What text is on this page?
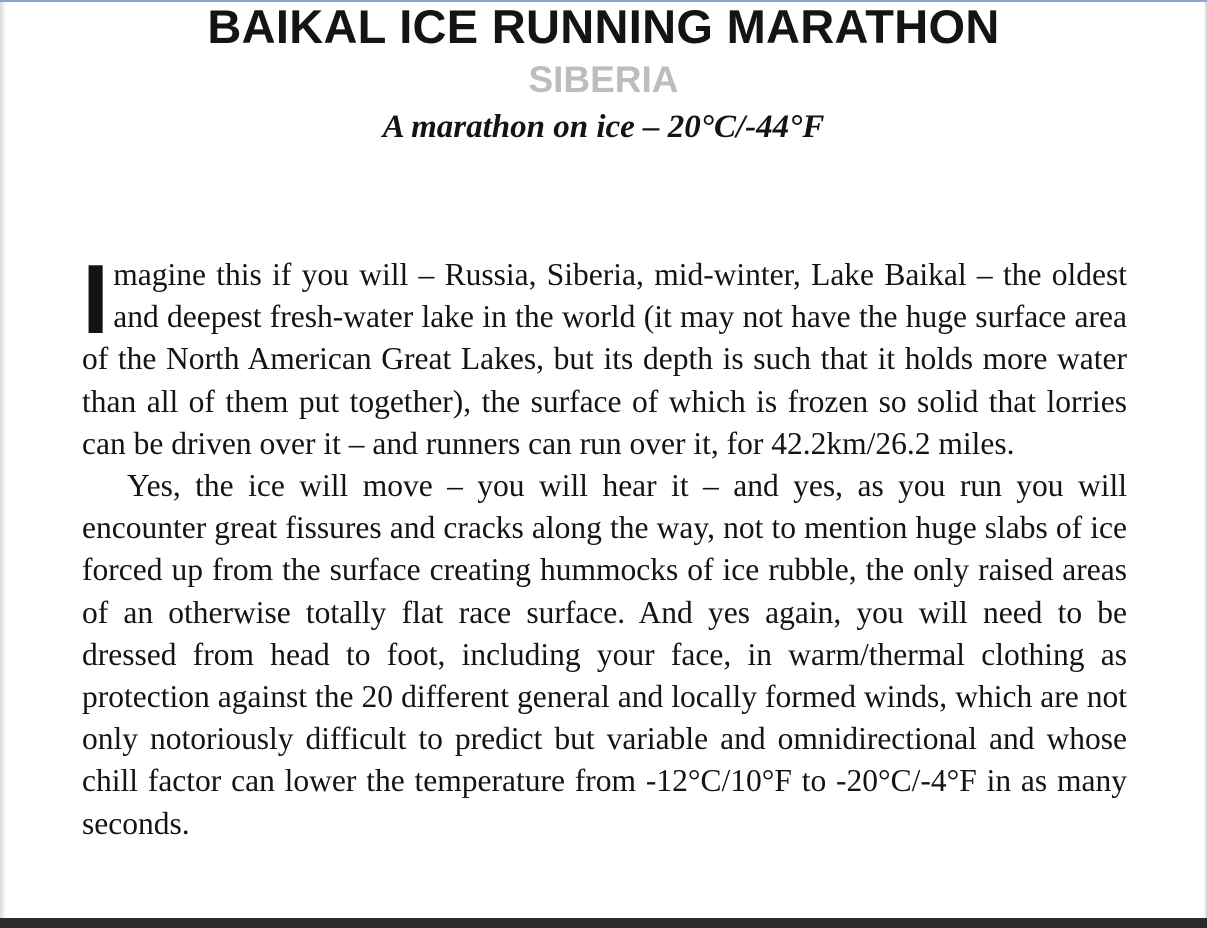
BAIKAL ICE RUNNING MARATHON
SIBERIA
A marathon on ice – 20°C/-44°F

I magine this if you will – Russia, Siberia, mid-winter, Lake Baikal – the oldest and deepest fresh-water lake in the world (it may not have the huge surface area of the North American Great Lakes, but its depth is such that it holds more water than all of them put together), the surface of which is frozen so solid that lorries can be driven over it – and runners can run over it, for 42.2km/26.2 miles.

Yes, the ice will move – you will hear it – and yes, as you run you will encounter great fissures and cracks along the way, not to mention huge slabs of ice forced up from the surface creating hummocks of ice rubble, the only raised areas of an otherwise totally flat race surface. And yes again, you will need to be dressed from head to foot, including your face, in warm/thermal clothing as protection against the 20 different general and locally formed winds, which are not only notoriously difficult to predict but variable and omnidirectional and whose chill factor can lower the temperature from -12°C/10°F to -20°C/-4°F in as many seconds.
